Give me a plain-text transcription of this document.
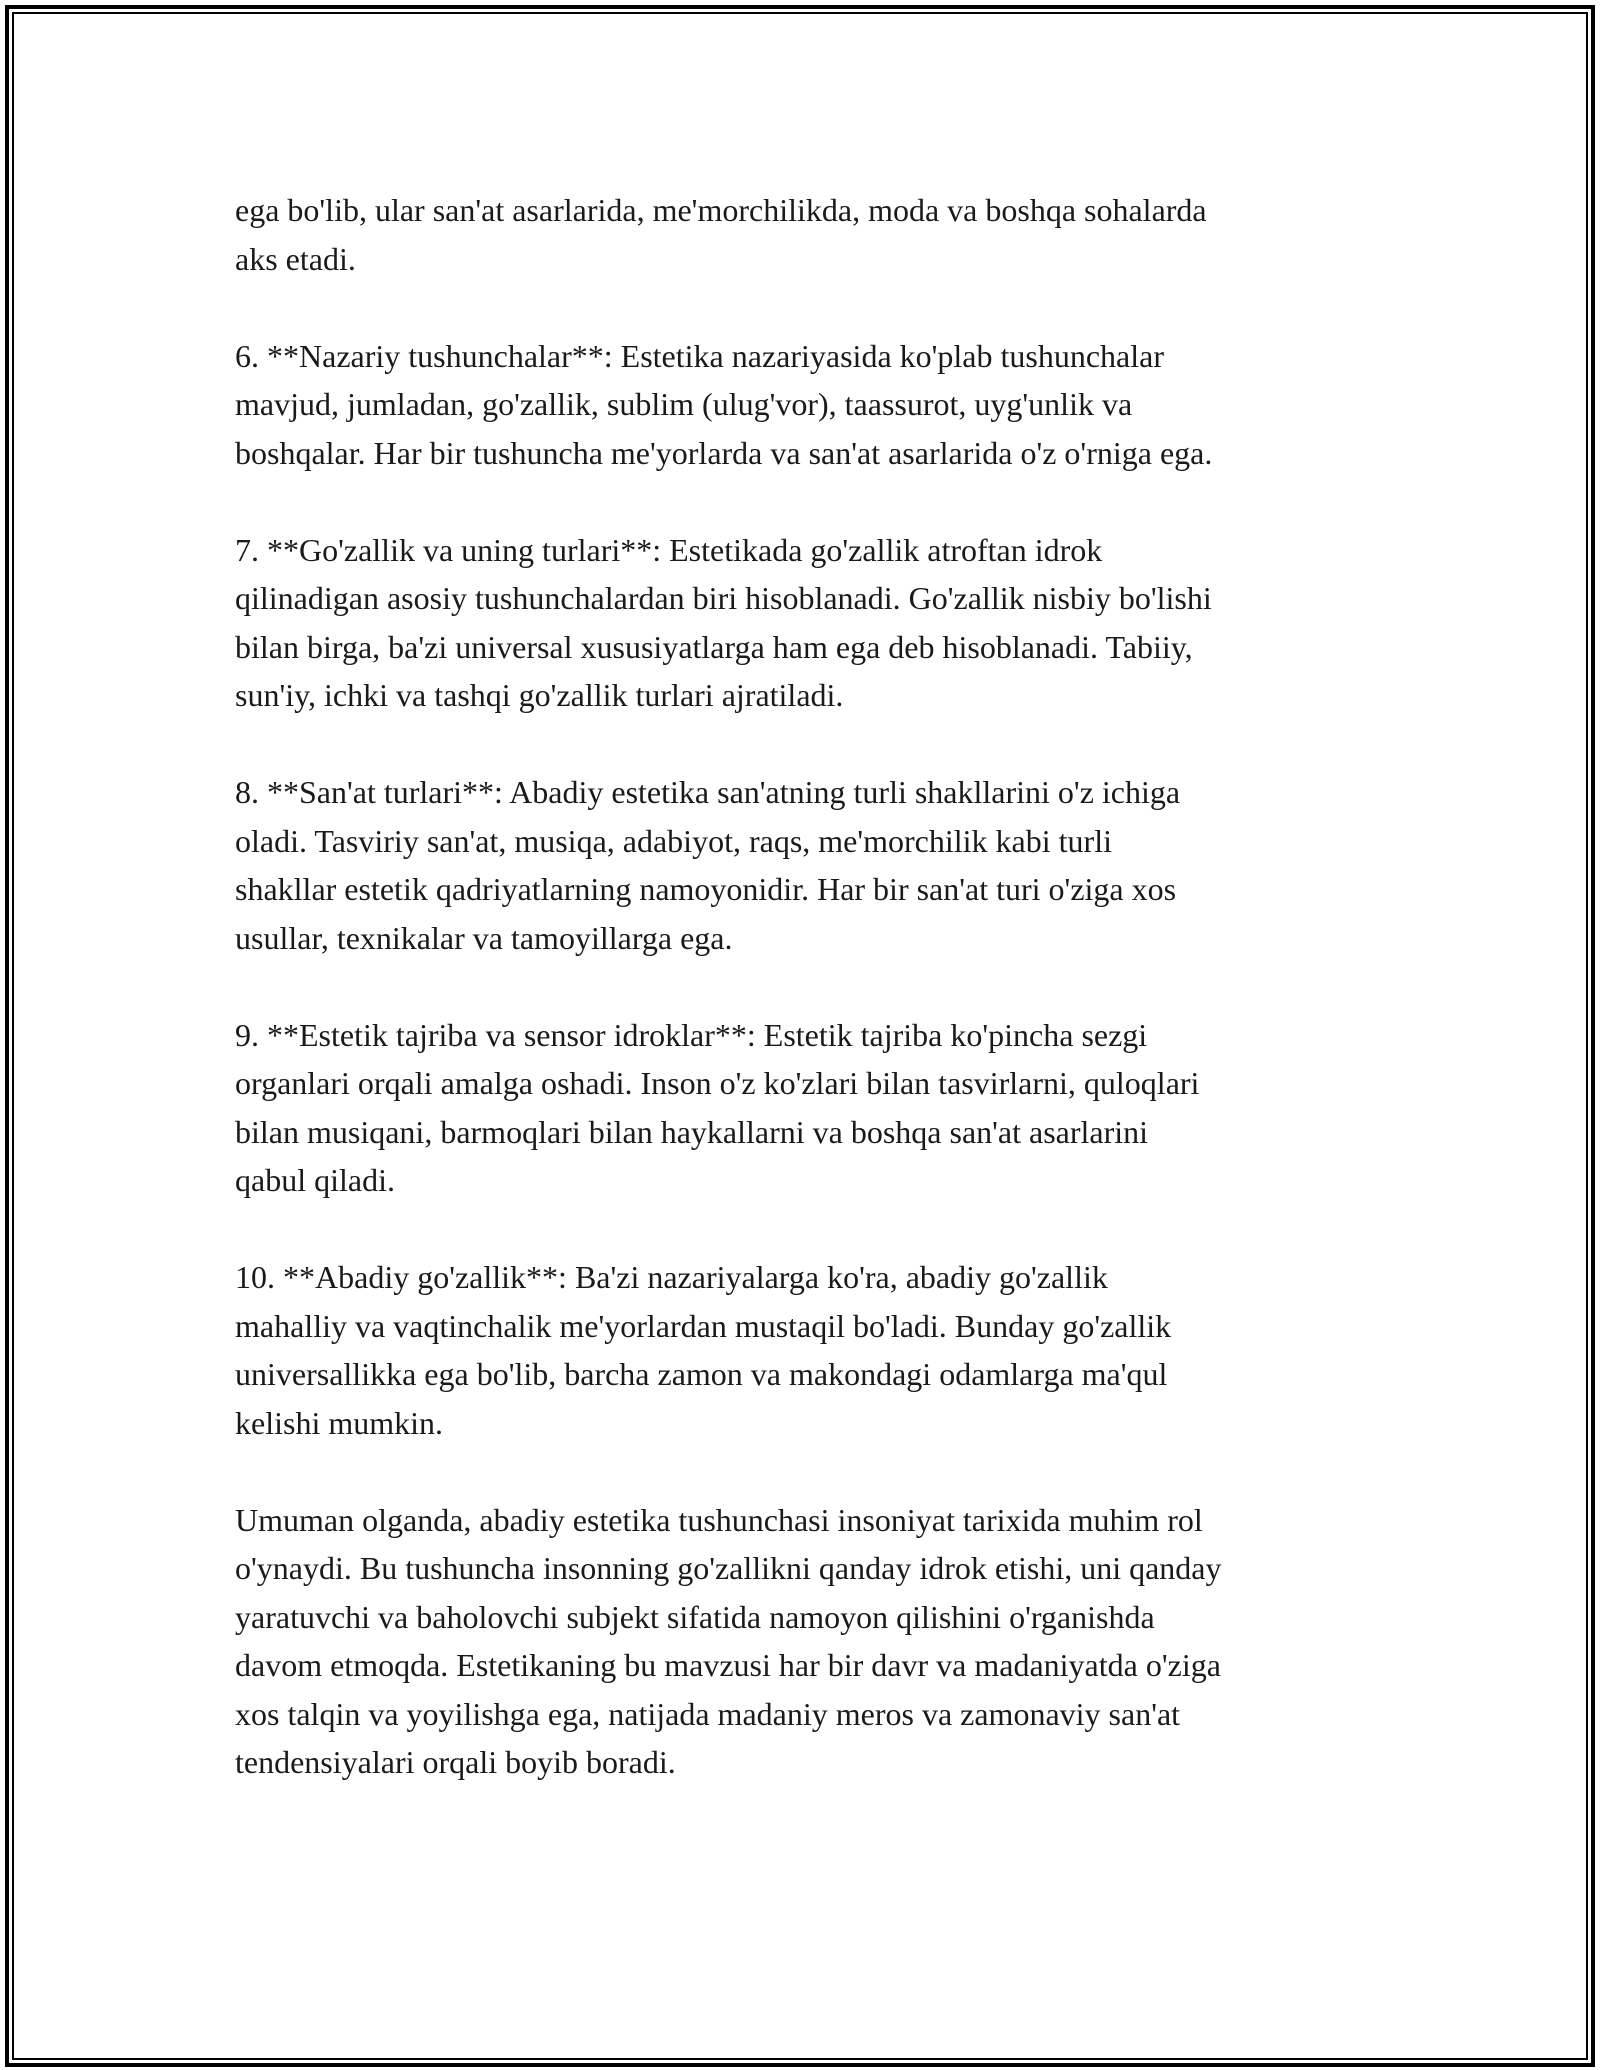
ega bo'lib, ular san'at asarlarida, me'morchilikda, moda va boshqa sohalarda
aks etadi.

6. **Nazariy tushunchalar**: Estetika nazariyasida ko'plab tushunchalar
mavjud, jumladan, go'zallik, sublim (ulug'vor), taassurot, uyg'unlik va
boshqalar. Har bir tushuncha me'yorlarda va san'at asarlarida o'z o'rniga ega.

7. **Go'zallik va uning turlari**: Estetikada go'zallik atroftan idrok
qilinadigan asosiy tushunchalardan biri hisoblanadi. Go'zallik nisbiy bo'lishi
bilan birga, ba'zi universal xususiyatlarga ham ega deb hisoblanadi. Tabiiy,
sun'iy, ichki va tashqi go'zallik turlari ajratiladi.

8. **San'at turlari**: Abadiy estetika san'atning turli shakllarini o'z ichiga
oladi. Tasviriy san'at, musiqa, adabiyot, raqs, me'morchilik kabi turli
shakllar estetik qadriyatlarning namoyonidir. Har bir san'at turi o'ziga xos
usullar, texnikalar va tamoyillarga ega.

9. **Estetik tajriba va sensor idroklar**: Estetik tajriba ko'pincha sezgi
organlari orqali amalga oshadi. Inson o'z ko'zlari bilan tasvirlarni, quloqlari
bilan musiqani, barmoqlari bilan haykallarni va boshqa san'at asarlarini
qabul qiladi.

10. **Abadiy go'zallik**: Ba'zi nazariyalarga ko'ra, abadiy go'zallik
mahalliy va vaqtinchalik me'yorlardan mustaqil bo'ladi. Bunday go'zallik
universallikka ega bo'lib, barcha zamon va makondagi odamlarga ma'qul
kelishi mumkin.

Umuman olganda, abadiy estetika tushunchasi insoniyat tarixida muhim rol
o'ynaydi. Bu tushuncha insonning go'zallikni qanday idrok etishi, uni qanday
yaratuvchi va baholovchi subjekt sifatida namoyon qilishini o'rganishda
davom etmoqda. Estetikaning bu mavzusi har bir davr va madaniyatda o'ziga
xos talqin va yoyilishga ega, natijada madaniy meros va zamonaviy san'at
tendensiyalari orqali boyib boradi.
